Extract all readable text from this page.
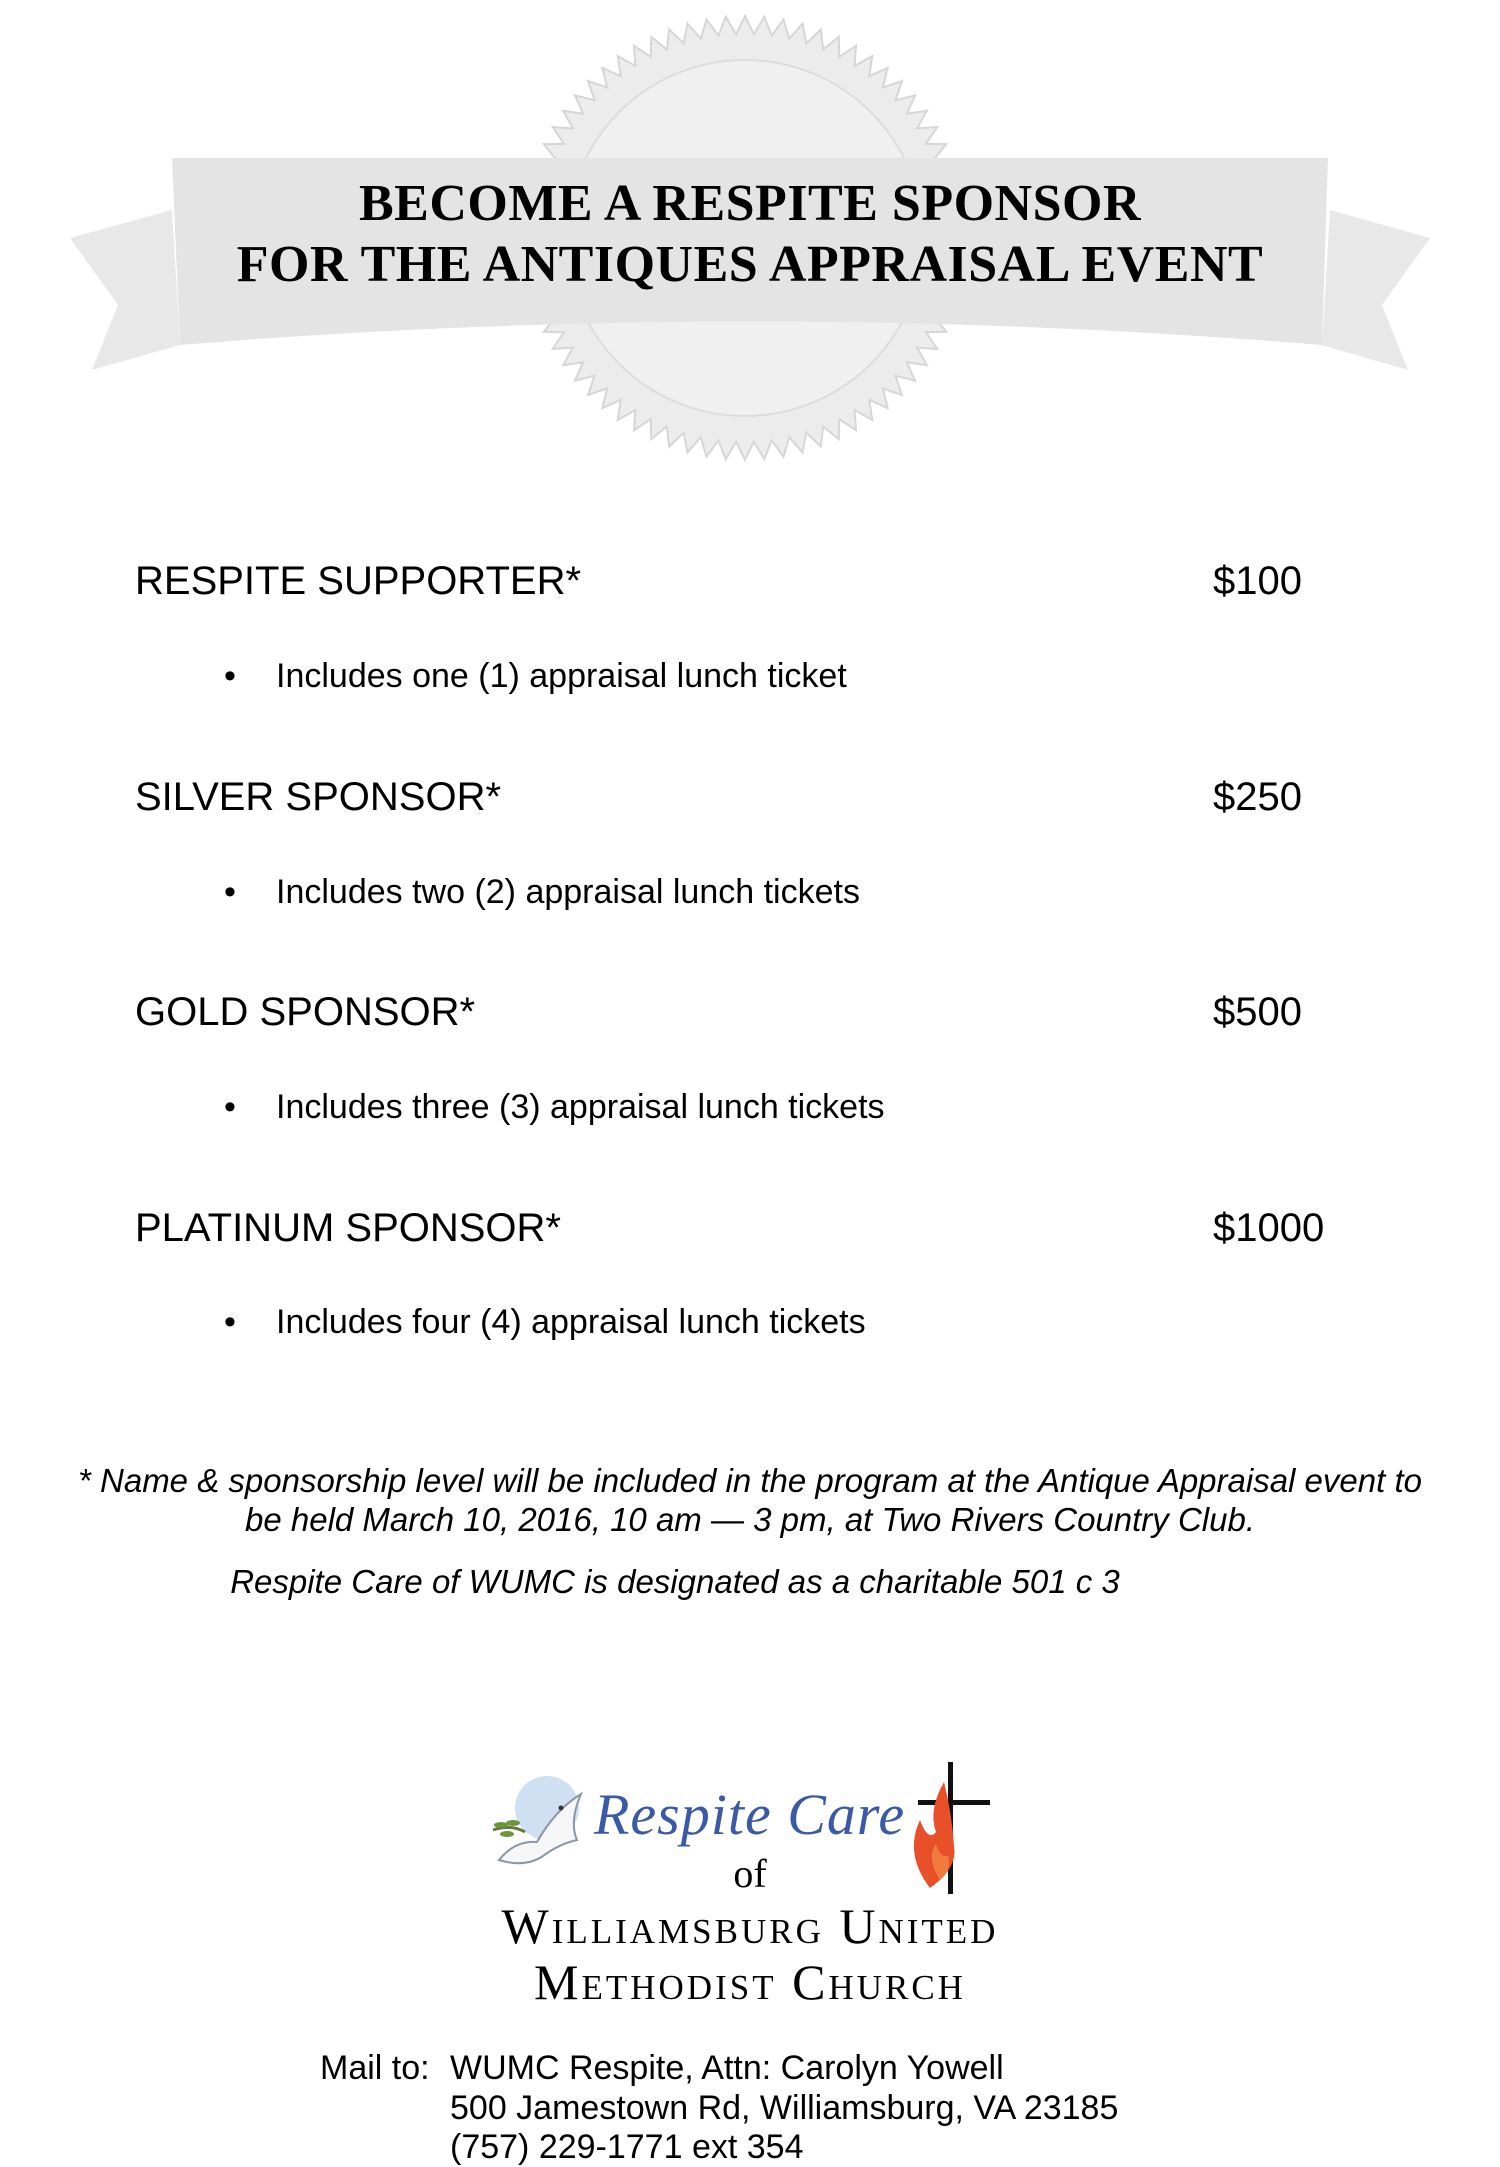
BECOME A RESPITE SPONSOR
FOR THE ANTIQUES APPRAISAL EVENT
RESPITE SUPPORTER*	$100
• Includes one (1) appraisal lunch ticket
SILVER SPONSOR*	$250
• Includes two (2) appraisal lunch tickets
GOLD SPONSOR*	$500
• Includes three (3) appraisal lunch tickets
PLATINUM SPONSOR*	$1000
• Includes four (4) appraisal lunch tickets
* Name & sponsorship level will be included in the program at the Antique Appraisal event to
be held March 10, 2016, 10 am — 3 pm, at Two Rivers Country Club.
Respite Care of WUMC is designated as a charitable 501 c 3
Respite Care
of
Williamsburg United
Methodist Church
Mail to: WUMC Respite, Attn: Carolyn Yowell
500 Jamestown Rd, Williamsburg, VA 23185
(757) 229-1771 ext 354
